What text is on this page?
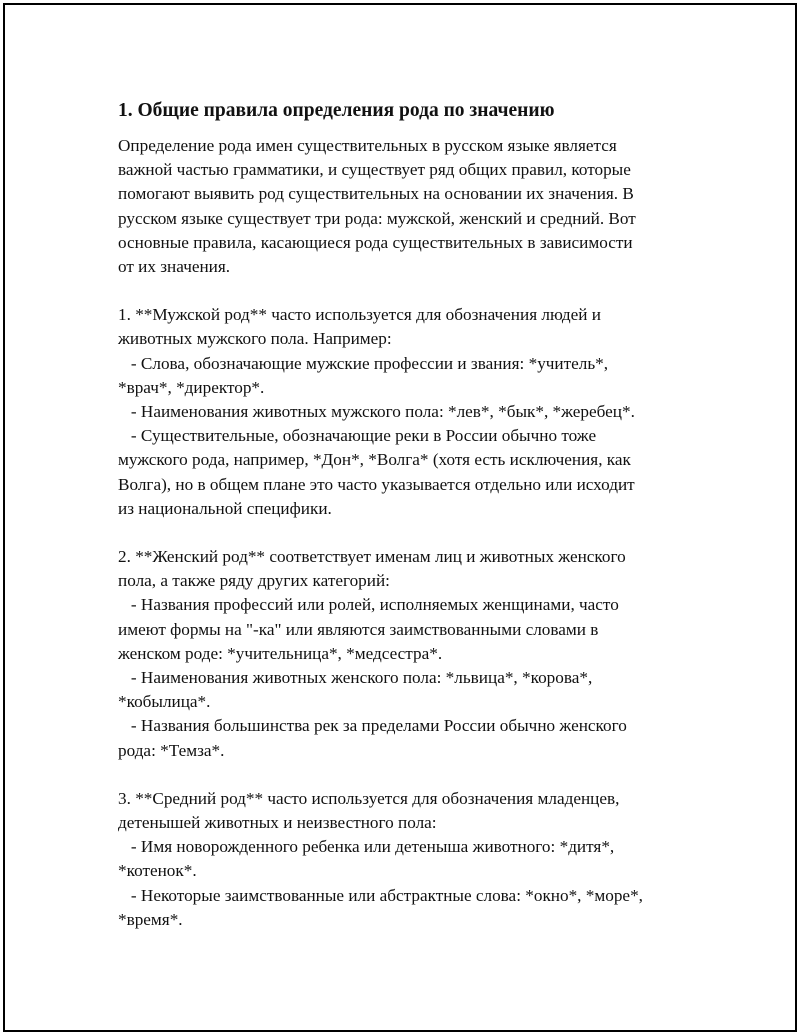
1. Общие правила определения рода по значению
Определение рода имен существительных в русском языке является
важной частью грамматики, и существует ряд общих правил, которые
помогают выявить род существительных на основании их значения. В
русском языке существует три рода: мужской, женский и средний. Вот
основные правила, касающиеся рода существительных в зависимости
от их значения.
1. **Мужской род** часто используется для обозначения людей и
животных мужского пола. Например:
- Слова, обозначающие мужские профессии и звания: *учитель*,
*врач*, *директор*.
- Наименования животных мужского пола: *лев*, *бык*, *жеребец*.
- Существительные, обозначающие реки в России обычно тоже
мужского рода, например, *Дон*, *Волга* (хотя есть исключения, как
Волга), но в общем плане это часто указывается отдельно или исходит
из национальной специфики.
2. **Женский род** соответствует именам лиц и животных женского
пола, а также ряду других категорий:
- Названия профессий или ролей, исполняемых женщинами, часто
имеют формы на "-ка" или являются заимствованными словами в
женском роде: *учительница*, *медсестра*.
- Наименования животных женского пола: *львица*, *корова*,
*кобылица*.
- Названия большинства рек за пределами России обычно женского
рода: *Темза*.
3. **Средний род** часто используется для обозначения младенцев,
детенышей животных и неизвестного пола:
- Имя новорожденного ребенка или детеныша животного: *дитя*,
*котенок*.
- Некоторые заимствованные или абстрактные слова: *окно*, *море*,
*время*.
